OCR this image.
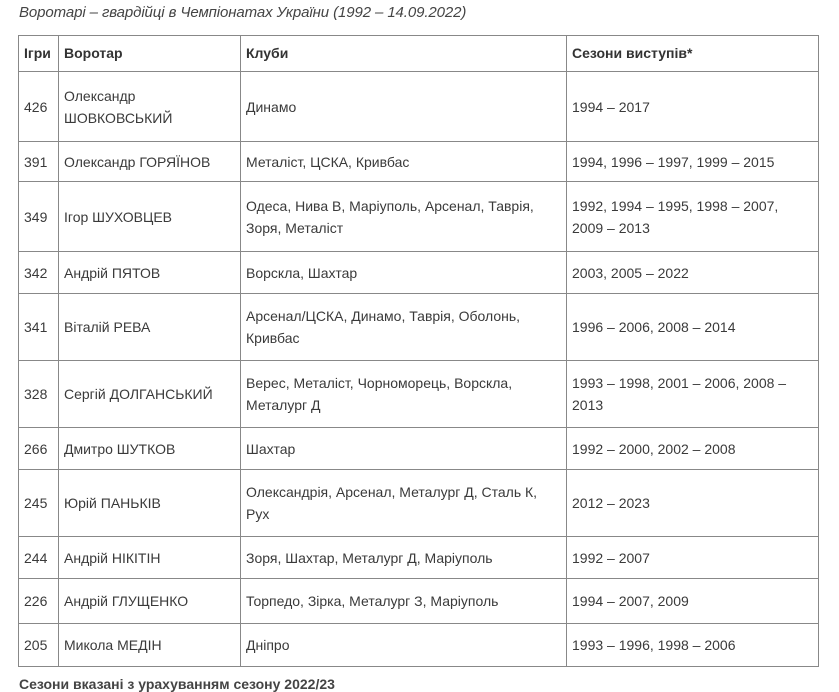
Воротарі – гвардійці в Чемпіонатах України (1992 – 14.09.2022)
Ігри	Воротар	Клуби	Сезони виступів*
426	Олександр ШОВКОВСЬКИЙ	Динамо	1994 – 2017
391	Олександр ГОРЯЇНОВ	Металіст, ЦСКА, Кривбас	1994, 1996 – 1997, 1999 – 2015
349	Ігор ШУХОВЦЕВ	Одеса, Нива В, Маріуполь, Арсенал, Таврія, Зоря, Металіст	1992, 1994 – 1995, 1998 – 2007, 2009 – 2013
342	Андрій ПЯТОВ	Ворскла, Шахтар	2003, 2005 – 2022
341	Віталій РЕВА	Арсенал/ЦСКА, Динамо, Таврія, Оболонь, Кривбас	1996 – 2006, 2008 – 2014
328	Сергій ДОЛГАНСЬКИЙ	Верес, Металіст, Чорноморець, Ворскла, Металург Д	1993 – 1998, 2001 – 2006, 2008 – 2013
266	Дмитро ШУТКОВ	Шахтар	1992 – 2000, 2002 – 2008
245	Юрій ПАНЬКІВ	Олександрія, Арсенал, Металург Д, Сталь К, Рух	2012 – 2023
244	Андрій НІКІТІН	Зоря, Шахтар, Металург Д, Маріуполь	1992 – 2007
226	Андрій ГЛУЩЕНКО	Торпедо, Зірка, Металург З, Маріуполь	1994 – 2007, 2009
205	Микола МЕДІН	Дніпро	1993 – 1996, 1998 – 2006
Сезони вказані з урахуванням сезону 2022/23
